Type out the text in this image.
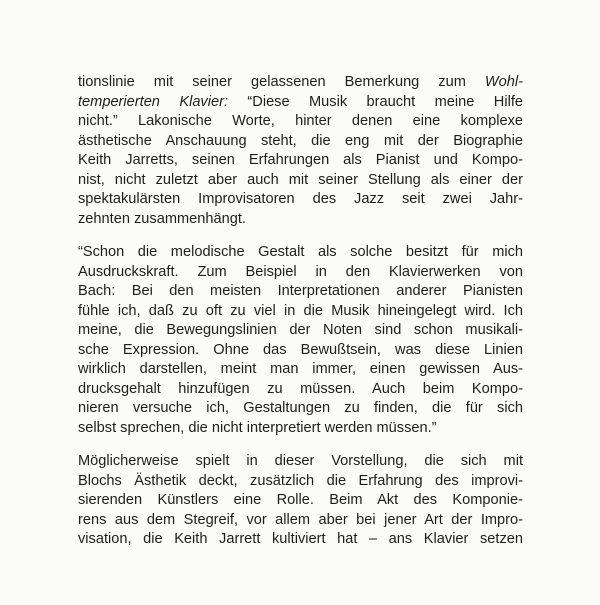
tionslinie mit seiner gelassenen Bemerkung zum Wohl-
temperierten Klavier: “Diese Musik braucht meine Hilfe
nicht.” Lakonische Worte, hinter denen eine komplexe
ästhetische Anschauung steht, die eng mit der Biographie
Keith Jarretts, seinen Erfahrungen als Pianist und Kompo-
nist, nicht zuletzt aber auch mit seiner Stellung als einer der
spektakulärsten Improvisatoren des Jazz seit zwei Jahr-
zehnten zusammenhängt.

“Schon die melodische Gestalt als solche besitzt für mich
Ausdruckskraft. Zum Beispiel in den Klavierwerken von
Bach: Bei den meisten Interpretationen anderer Pianisten
fühle ich, daß zu oft zu viel in die Musik hineingelegt wird. Ich
meine, die Bewegungslinien der Noten sind schon musikali-
sche Expression. Ohne das Bewußtsein, was diese Linien
wirklich darstellen, meint man immer, einen gewissen Aus-
drucksgehalt hinzufügen zu müssen. Auch beim Kompo-
nieren versuche ich, Gestaltungen zu finden, die für sich
selbst sprechen, die nicht interpretiert werden müssen.”

Möglicherweise spielt in dieser Vorstellung, die sich mit
Blochs Ästhetik deckt, zusätzlich die Erfahrung des improvi-
sierenden Künstlers eine Rolle. Beim Akt des Komponie-
rens aus dem Stegreif, vor allem aber bei jener Art der Impro-
visation, die Keith Jarrett kultiviert hat – ans Klavier setzen
